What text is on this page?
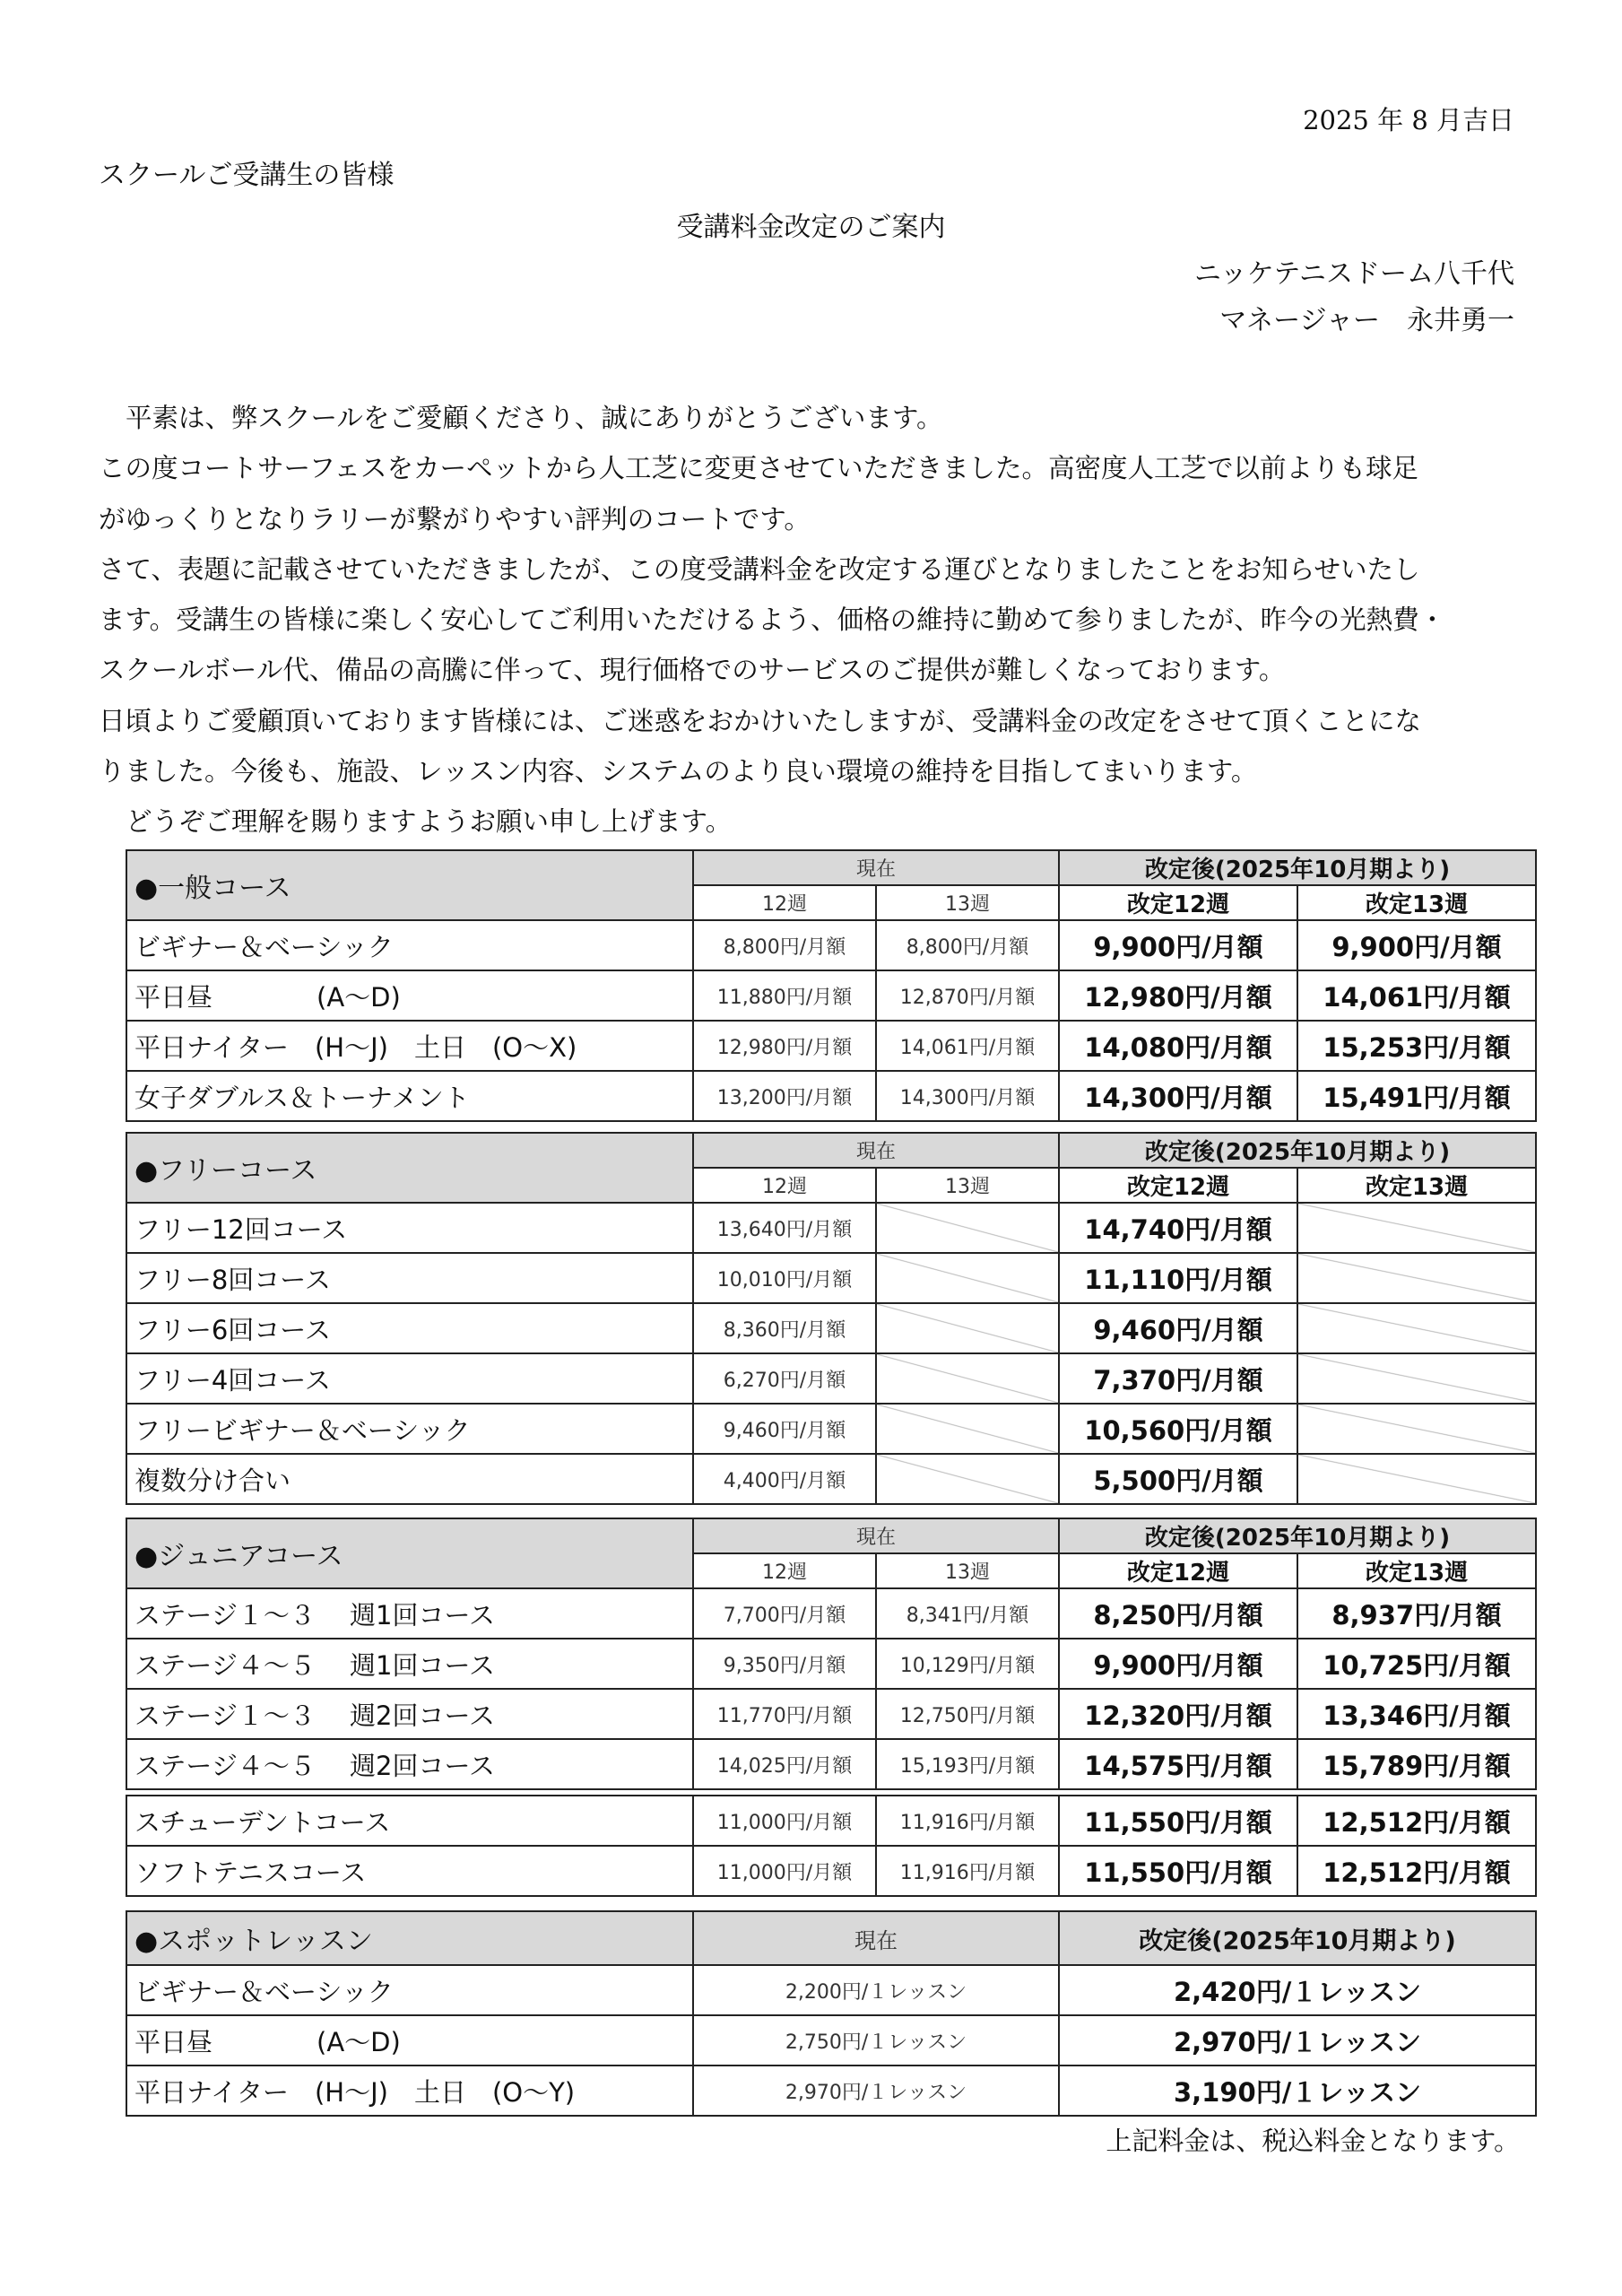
2025 年 8 月吉日
スクールご受講生の皆様
受講料金改定のご案内
ニッケテニスドーム八千代
マネージャー　永井勇一

平素は、弊スクールをご愛顧くださり、誠にありがとうございます。

この度コートサーフェスをカーペットから人工芝に変更させていただきました。高密度人工芝で以前よりも球足

がゆっくりとなりラリーが繋がりやすい評判のコートです。

さて、表題に記載させていただきましたが、この度受講料金を改定する運びとなりましたことをお知らせいたし

ます。受講生の皆様に楽しく安心してご利用いただけるよう、価格の維持に勤めて参りましたが、昨今の光熱費・

スクールボール代、備品の高騰に伴って、現行価格でのサービスのご提供が難しくなっております。

日頃よりご愛顧頂いております皆様には、ご迷惑をおかけいたしますが、受講料金の改定をさせて頂くことにな

りました。今後も、施設、レッスン内容、システムのより良い環境の維持を目指してまいります。

どうぞご理解を賜りますようお願い申し上げます。

●一般コース	現在		改定後(2025年10月期より)	
	12週	13週	改定12週	改定13週
ビギナー＆ベーシック	8,800円/月額	8,800円/月額	9,900円/月額	9,900円/月額
平日昼　　　　(A〜D)	11,880円/月額	12,870円/月額	12,980円/月額	14,061円/月額
平日ナイター　(H〜J)　土日　(O〜X)	12,980円/月額	14,061円/月額	14,080円/月額	15,253円/月額
女子ダブルス＆トーナメント	13,200円/月額	14,300円/月額	14,300円/月額	15,491円/月額
●フリーコース	現在		改定後(2025年10月期より)	
	12週	13週	改定12週	改定13週
フリー12回コース	13,640円/月額		14,740円/月額	
フリー8回コース	10,010円/月額		11,110円/月額	
フリー6回コース	8,360円/月額		9,460円/月額	
フリー4回コース	6,270円/月額		7,370円/月額	
フリービギナー＆ベーシック	9,460円/月額		10,560円/月額	
複数分け合い	4,400円/月額		5,500円/月額	
●ジュニアコース	現在		改定後(2025年10月期より)	
	12週	13週	改定12週	改定13週
ステージ１～３　 週1回コース	7,700円/月額	8,341円/月額	8,250円/月額	8,937円/月額
ステージ４～５　 週1回コース	9,350円/月額	10,129円/月額	9,900円/月額	10,725円/月額
ステージ１～３　 週2回コース	11,770円/月額	12,750円/月額	12,320円/月額	13,346円/月額
ステージ４～５　 週2回コース	14,025円/月額	15,193円/月額	14,575円/月額	15,789円/月額
スチューデントコース	11,000円/月額	11,916円/月額	11,550円/月額	12,512円/月額
ソフトテニスコース	11,000円/月額	11,916円/月額	11,550円/月額	12,512円/月額
●スポットレッスン	現在	改定後(2025年10月期より)
ビギナー＆ベーシック	2,200円/１レッスン	2,420円/１レッスン
平日昼　　　　(A〜D)	2,750円/１レッスン	2,970円/１レッスン
平日ナイター　(H〜J)　土日　(O〜Y)	2,970円/１レッスン	3,190円/１レッスン
上記料金は、税込料金となります。
